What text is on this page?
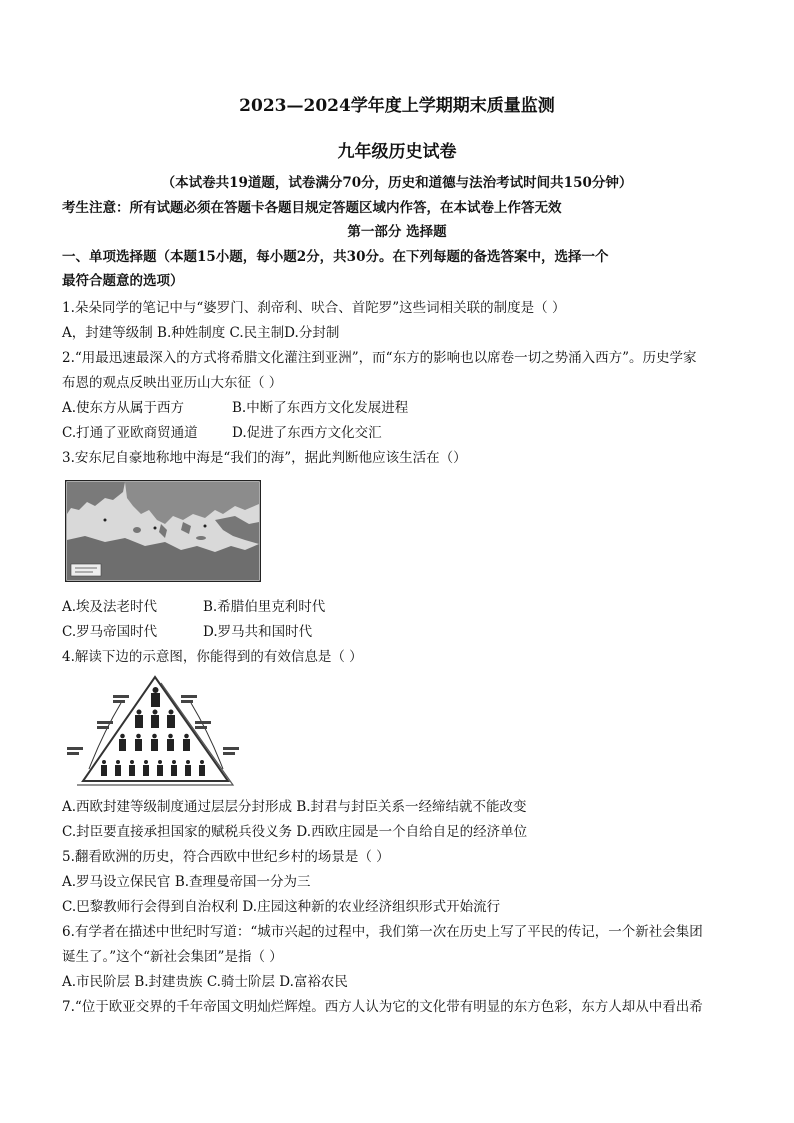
2023—2024学年度上学期期末质量监测
九年级历史试卷
（本试卷共19道题，试卷满分70分，历史和道德与法治考试时间共150分钟）
考生注意：所有试题必须在答题卡各题目规定答题区域内作答，在本试卷上作答无效
第一部分 选择题
一、单项选择题（本题15小题，每小题2分，共30分。在下列每题的备选答案中，选择一个
最符合题意的选项）
1.朵朵同学的笔记中与“婆罗门、刹帝利、吠合、首陀罗”这些词相关联的制度是（ ）
A，封建等级制 B.种姓制度 C.民主制D.分封制
2.“用最迅速最深入的方式将希腊文化灌注到亚洲”，而“东方的影响也以席卷一切之势涌入西方”。历史学家
布恩的观点反映出亚历山大东征（ ）
A.使东方从属于西方	B.中断了东西方文化发展进程
C.打通了亚欧商贸通道	D.促进了东西方文化交汇
3.安东尼自豪地称地中海是“我们的海”，据此判断他应该生活在（）
A.埃及法老时代	B.希腊伯里克利时代
C.罗马帝国时代	D.罗马共和国时代
4.解读下边的示意图，你能得到的有效信息是（ ）
A.西欧封建等级制度通过层层分封形成 B.封君与封臣关系一经缔结就不能改变
C.封臣要直接承担国家的赋税兵役义务 D.西欧庄园是一个自给自足的经济单位
5.翻看欧洲的历史，符合西欧中世纪乡村的场景是（ ）
A.罗马设立保民官 B.查理曼帝国一分为三
C.巴黎教师行会得到自治权利 D.庄园这种新的农业经济组织形式开始流行
6.有学者在描述中世纪时写道：“城市兴起的过程中，我们第一次在历史上写了平民的传记，一个新社会集团
诞生了。”这个“新社会集团”是指（ ）
A.市民阶层 B.封建贵族 C.骑士阶层 D.富裕农民
7.“位于欧亚交界的千年帝国文明灿烂辉煌。西方人认为它的文化带有明显的东方色彩，东方人却从中看出希
